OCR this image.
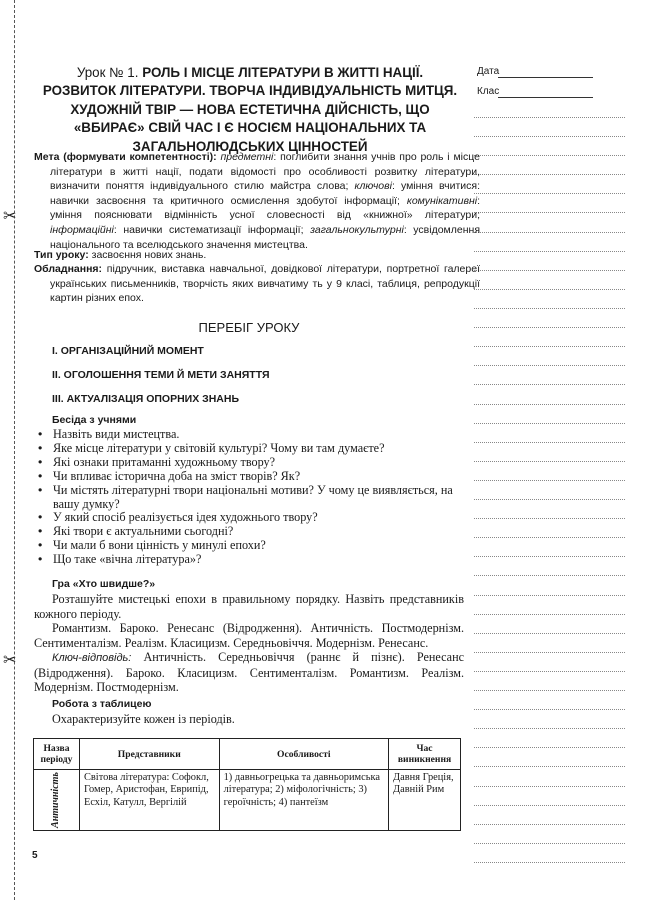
✂
✂
Дата
Клас
Урок № 1. РОЛЬ І МІСЦЕ ЛІТЕРАТУРИ В ЖИТТІ НАЦІЇ. РОЗВИТОК ЛІТЕРАТУРИ. ТВОРЧА ІНДИВІДУАЛЬНІСТЬ МИТЦЯ. ХУДОЖНІЙ ТВІР — НОВА ЕСТЕТИЧНА ДІЙСНІСТЬ, ЩО «ВБИРАЄ» СВІЙ ЧАС І Є НОСІЄМ НАЦІОНАЛЬНИХ ТА ЗАГАЛЬНОЛЮДСЬКИХ ЦІННОСТЕЙ
Мета (формувати компетентності): предметні: поглибити знання учнів про роль і місце літератури в житті нації, подати відомості про особливості розвитку літератури, визначити поняття індивідуального стилю майстра слова; ключові: уміння вчитися: навички засвоєння та критичного осмислення здобутої інформації; комунікативні: уміння пояснювати відмінність усної словесності від «книжної» літератури; інформаційні: навички систематизації інформації; загальнокультурні: усвідомлення національного та вселюдського значення мистецтва.
Тип уроку: засвоєння нових знань.
Обладнання: підручник, виставка навчальної, довідкової літератури, портретної галереї українських письменників, творчість яких вивчатиму ть у 9 класі, таблиця, репродукції картин різних епох.
ПЕРЕБІГ УРОКУ
I. ОРГАНІЗАЦІЙНИЙ МОМЕНТ
II. ОГОЛОШЕННЯ ТЕМИ Й МЕТИ ЗАНЯТТЯ
III. АКТУАЛІЗАЦІЯ ОПОРНИХ ЗНАНЬ
Бесіда з учнями
• Назвіть види мистецтва.
• Яке місце літератури у світовій культурі? Чому ви там думаєте?
• Які ознаки притаманні художньому твору?
• Чи впливає історична доба на зміст творів? Як?
• Чи містять літературні твори національні мотиви? У чому це виявляється, на вашу думку?
• У який спосіб реалізується ідея художнього твору?
• Які твори є актуальними сьогодні?
• Чи мали б вони цінність у минулі епохи?
• Що таке «вічна література»?
Гра «Хто швидше?»
Розташуйте мистецькі епохи в правильному порядку. Назвіть представників кожного періоду.
Романтизм. Бароко. Ренесанс (Відродження). Античність. Постмодернізм. Сентименталізм. Реалізм. Класицизм. Середньовіччя. Модернізм. Ренесанс.
Ключ-відповідь: Античність. Середньовіччя (раннє й пізнє). Ренесанс (Відродження). Бароко. Класицизм. Сентименталізм. Романтизм. Реалізм. Модернізм. Постмодернізм.
Робота з таблицею
Охарактеризуйте кожен із періодів.
Назва періоду	Представники	Особливості	Час виникнення

Античність	Світова література: Софокл, Гомер, Аристофан, Еврипід, Есхіл, Катулл, Вергілій	1) давньогрецька та давньоримська література; 2) міфологічність; 3) героїчність; 4) пантеїзм	Давня Греція, Давній Рим
5
